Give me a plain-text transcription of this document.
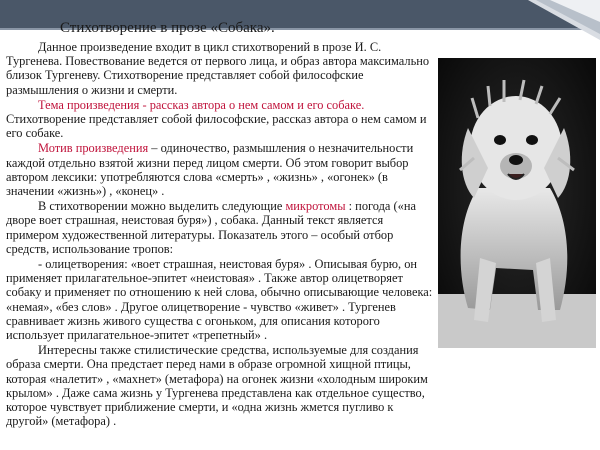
Стихотворение в прозе «Собака».

Данное произведение входит в цикл стихотворений в прозе И. С. Тургенева. Повествование ведется от первого лица, и образ автора максимально близок Тургеневу. Стихотворение представляет собой философские размышления о жизни и смерти.

Тема произведения - рассказ автора о нем самом и его собаке. Стихотворение представляет собой философские, рассказ автора о нем самом и его собаке.

Мотив произведения – одиночество, размышления о незначительности каждой отдельно взятой жизни перед лицом смерти. Об этом говорит выбор автором лексики: употребляются слова «смерть» , «жизнь» , «огонек» (в значении «жизнь») , «конец» .

В стихотворении можно выделить следующие микротомы : погода («на дворе воет страшная, неистовая буря») , собака. Данный текст является примером художественной литературы. Показатель этого – особый отбор средств, использование тропов:

- олицетворения: «воет страшная, неистовая буря» . Описывая бурю, он применяет прилагательное-эпитет «неистовая» . Также автор олицетворяет собаку и применяет по отношению к ней слова, обычно описывающие человека: «немая», «без слов» . Другое олицетворение - чувство «живет» . Тургенев сравнивает жизнь живого существа с огоньком, для описания которого использует прилагательное-эпитет «трепетный» .

Интересны также стилистические средства, используемые для создания образа смерти. Она предстает перед нами в образе огромной хищной птицы, которая «налетит» , «махнет» (метафора) на огонек жизни «холодным широким крылом» . Даже сама жизнь у Тургенева представлена как отдельное существо, которое чувствует приближение смерти, и «одна жизнь жмется пугливо к другой» (метафора) .
